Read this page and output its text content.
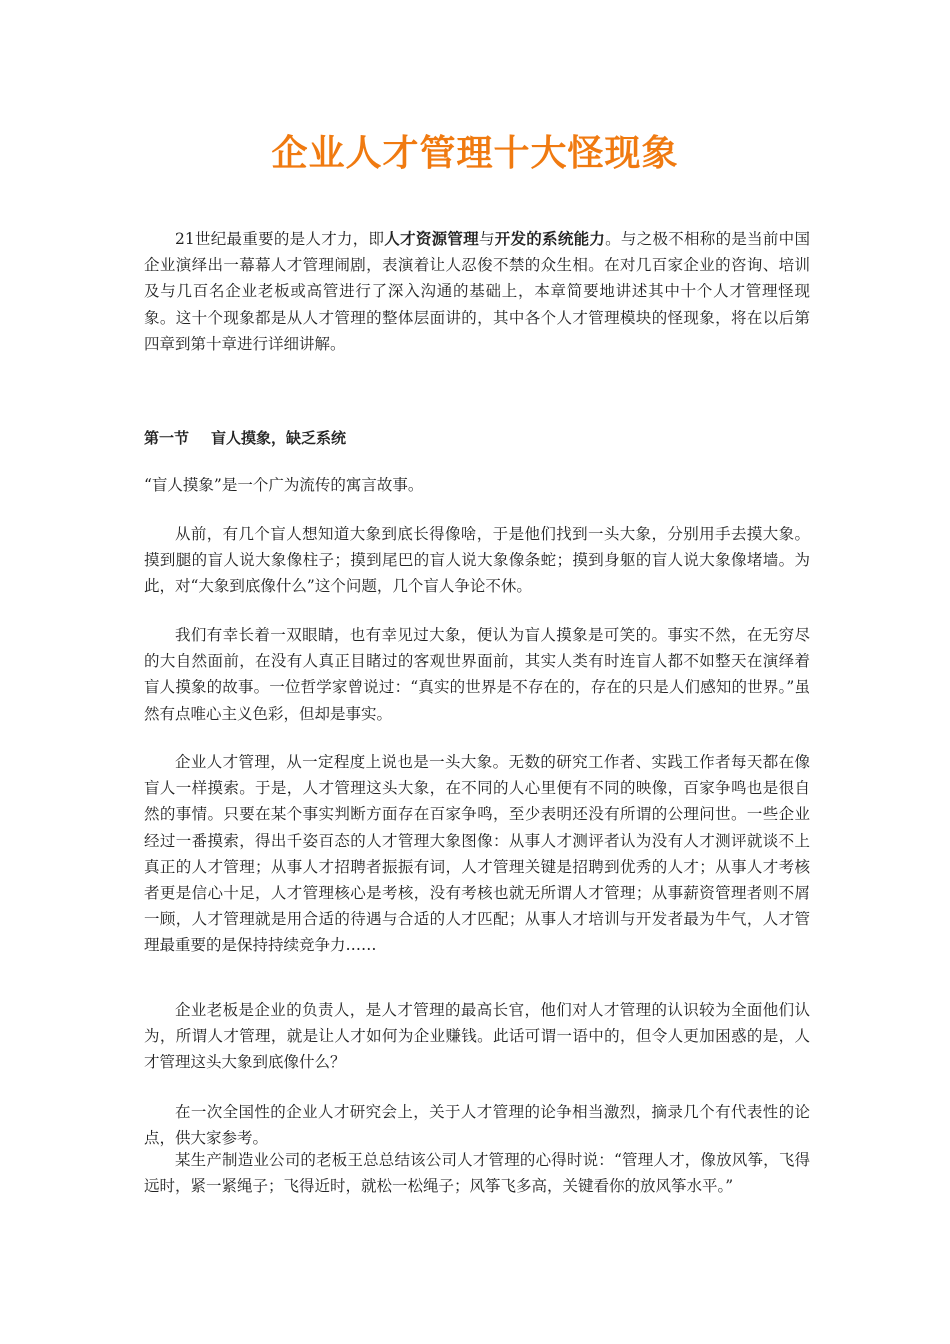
企业人才管理十大怪现象

21世纪最重要的是人才力，即人才资源管理与开发的系统能力。与之极不相称的是当前中国企业演绎出一幕幕人才管理闹剧，表演着让人忍俊不禁的众生相。在对几百家企业的咨询、培训及与几百名企业老板或高管进行了深入沟通的基础上，本章简要地讲述其中十个人才管理怪现象。这十个现象都是从人才管理的整体层面讲的，其中各个人才管理模块的怪现象，将在以后第四章到第十章进行详细讲解。

第一节 盲人摸象，缺乏系统

“盲人摸象”是一个广为流传的寓言故事。

从前，有几个盲人想知道大象到底长得像啥，于是他们找到一头大象，分别用手去摸大象。摸到腿的盲人说大象像柱子；摸到尾巴的盲人说大象像条蛇；摸到身躯的盲人说大象像堵墙。为此，对“大象到底像什么”这个问题，几个盲人争论不休。

我们有幸长着一双眼睛，也有幸见过大象，便认为盲人摸象是可笑的。事实不然，在无穷尽的大自然面前，在没有人真正目睹过的客观世界面前，其实人类有时连盲人都不如整天在演绎着盲人摸象的故事。一位哲学家曾说过：“真实的世界是不存在的，存在的只是人们感知的世界。”虽然有点唯心主义色彩，但却是事实。

企业人才管理，从一定程度上说也是一头大象。无数的研究工作者、实践工作者每天都在像盲人一样摸索。于是，人才管理这头大象，在不同的人心里便有不同的映像，百家争鸣也是很自然的事情。只要在某个事实判断方面存在百家争鸣，至少表明还没有所谓的公理问世。一些企业经过一番摸索，得出千姿百态的人才管理大象图像：从事人才测评者认为没有人才测评就谈不上真正的人才管理；从事人才招聘者振振有词，人才管理关键是招聘到优秀的人才；从事人才考核者更是信心十足，人才管理核心是考核，没有考核也就无所谓人才管理；从事薪资管理者则不屑一顾，人才管理就是用合适的待遇与合适的人才匹配；从事人才培训与开发者最为牛气，人才管理最重要的是保持持续竞争力……

企业老板是企业的负责人，是人才管理的最高长官，他们对人才管理的认识较为全面他们认为，所谓人才管理，就是让人才如何为企业赚钱。此话可谓一语中的，但令人更加困惑的是，人才管理这头大象到底像什么？

在一次全国性的企业人才研究会上，关于人才管理的论争相当激烈，摘录几个有代表性的论点，供大家参考。

某生产制造业公司的老板王总总结该公司人才管理的心得时说：“管理人才，像放风筝，飞得远时，紧一紧绳子；飞得近时，就松一松绳子；风筝飞多高，关键看你的放风筝水平。”
